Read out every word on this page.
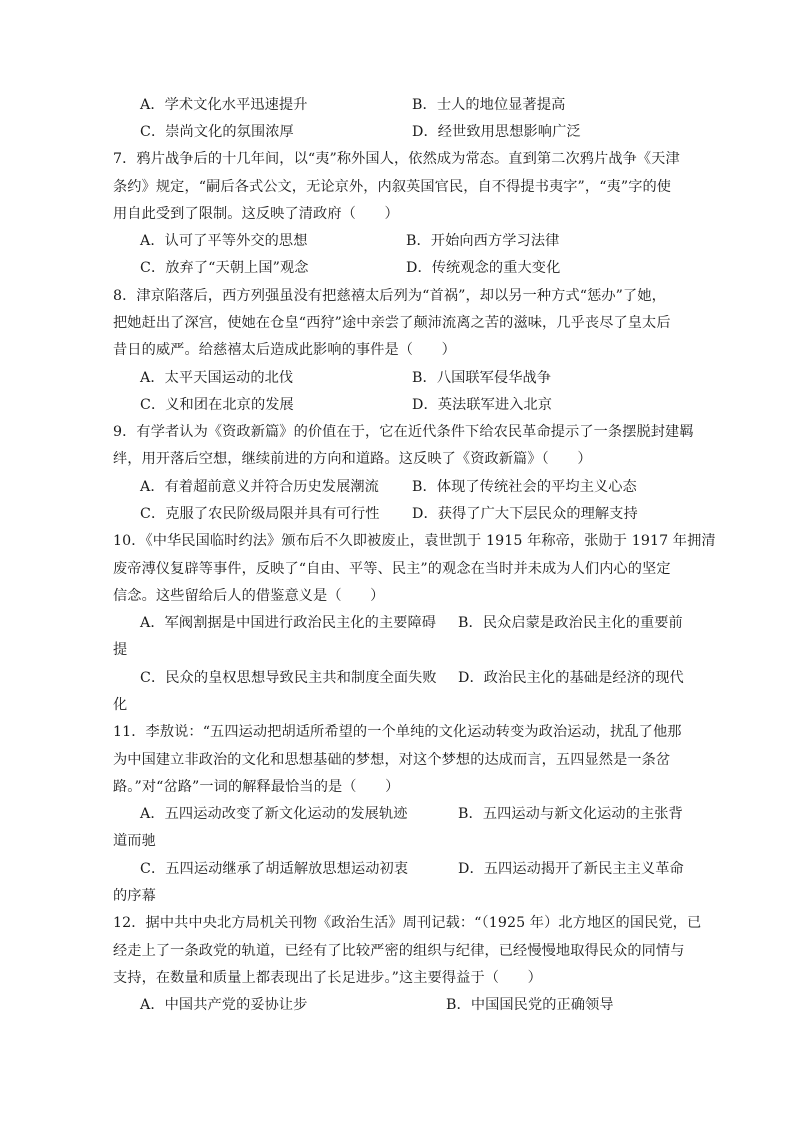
A．学术文化水平迅速提升	B．士人的地位显著提高
C．崇尚文化的氛围浓厚	D．经世致用思想影响广泛
7．鸦片战争后的十几年间，以“夷”称外国人，依然成为常态。直到第二次鸦片战争《天津
条约》规定，“嗣后各式公文，无论京外，内叙英国官民，自不得提书夷字”，“夷”字的使
用自此受到了限制。这反映了清政府（　　）
A．认可了平等外交的思想	B．开始向西方学习法律
C．放弃了“天朝上国”观念	D．传统观念的重大变化
8．津京陷落后，西方列强虽没有把慈禧太后列为“首祸”，却以另一种方式“惩办”了她，
把她赶出了深宫，使她在仓皇“西狩”途中亲尝了颠沛流离之苦的滋味，几乎丧尽了皇太后
昔日的威严。给慈禧太后造成此影响的事件是（　　）
A．太平天国运动的北伐	B．八国联军侵华战争
C．义和团在北京的发展	D．英法联军进入北京
9．有学者认为《资政新篇》的价值在于，它在近代条件下给农民革命提示了一条摆脱封建羁
绊，用开落后空想，继续前进的方向和道路。这反映了《资政新篇》（　　）
A．有着超前意义并符合历史发展潮流 B．体现了传统社会的平均主义心态
C．克服了农民阶级局限并具有可行性 D．获得了广大下层民众的理解支持
10．《中华民国临时约法》颁布后不久即被废止，袁世凯于 1915 年称帝，张勋于 1917 年拥清
废帝溥仪复辟等事件，反映了“自由、平等、民主”的观念在当时并未成为人们内心的坚定
信念。这些留给后人的借鉴意义是（　　）
A．军阀割据是中国进行政治民主化的主要障碍 B．民众启蒙是政治民主化的重要前
提
C．民众的皇权思想导致民主共和制度全面失败 D．政治民主化的基础是经济的现代
化
11．李敖说：“五四运动把胡适所希望的一个单纯的文化运动转变为政治运动，扰乱了他那
为中国建立非政治的文化和思想基础的梦想，对这个梦想的达成而言，五四显然是一条岔
路。”对“岔路”一词的解释最恰当的是（　　）
A．五四运动改变了新文化运动的发展轨迹	B．五四运动与新文化运动的主张背
道而驰
C．五四运动继承了胡适解放思想运动初衷	D．五四运动揭开了新民主主义革命
的序幕
12．据中共中央北方局机关刊物《政治生活》周刊记载：“（1925 年）北方地区的国民党，已
经走上了一条政党的轨道，已经有了比较严密的组织与纪律，已经慢慢地取得民众的同情与
支持，在数量和质量上都表现出了长足进步。”这主要得益于（　　）
A．中国共产党的妥协让步	B．中国国民党的正确领导
